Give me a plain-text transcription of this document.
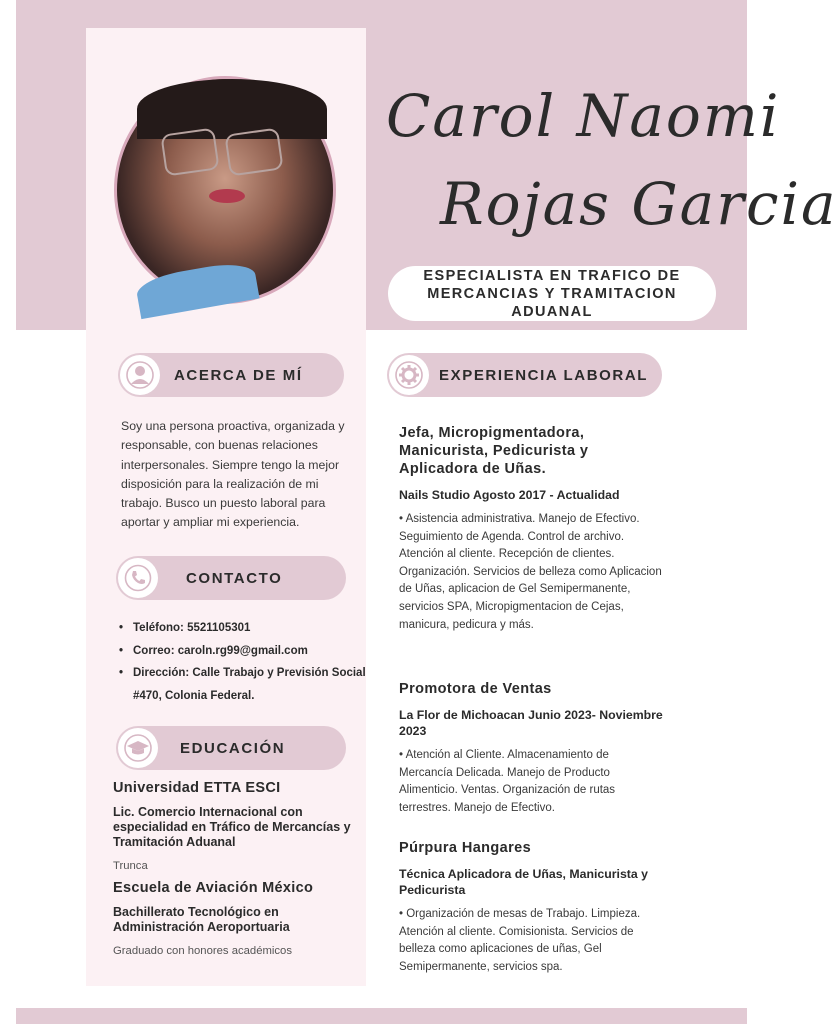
Carol Naomi
Rojas Garcia
ESPECIALISTA EN TRAFICO DE
MERCANCIAS Y TRAMITACION
ADUANAL
ACERCA DE MÍ
Soy una persona proactiva, organizada y responsable, con buenas relaciones interpersonales. Siempre tengo la mejor disposición para la realización de mi trabajo. Busco un puesto laboral para aportar y ampliar mi experiencia.
CONTACTO
• Teléfono: 5521105301
• Correo: caroln.rg99@gmail.com
• Dirección: Calle Trabajo y Previsión Social #470, Colonia Federal.
EDUCACIÓN
Universidad ETTA ESCI
Lic. Comercio Internacional con especialidad en Tráfico de Mercancías y Tramitación Aduanal
Trunca
Escuela de Aviación México
Bachillerato Tecnológico en Administración Aeroportuaria
Graduado con honores académicos
EXPERIENCIA LABORAL
Jefa, Micropigmentadora, Manicurista, Pedicurista y Aplicadora de Uñas.
Nails Studio Agosto 2017 - Actualidad
• Asistencia administrativa. Manejo de Efectivo. Seguimiento de Agenda. Control de archivo. Atención al cliente. Recepción de clientes. Organización. Servicios de belleza como Aplicacion de Uñas, aplicacion de Gel Semipermanente, servicios SPA, Micropigmentacion de Cejas, manicura, pedicura y más.
Promotora de Ventas
La Flor de Michoacan Junio 2023- Noviembre 2023
• Atención al Cliente. Almacenamiento de Mercancía Delicada. Manejo de Producto Alimenticio. Ventas. Organización de rutas terrestres. Manejo de Efectivo.
Púrpura Hangares
Técnica Aplicadora de Uñas, Manicurista y Pedicurista
• Organización de mesas de Trabajo. Limpieza. Atención al cliente. Comisionista. Servicios de belleza como aplicaciones de uñas, Gel Semipermanente, servicios spa.
